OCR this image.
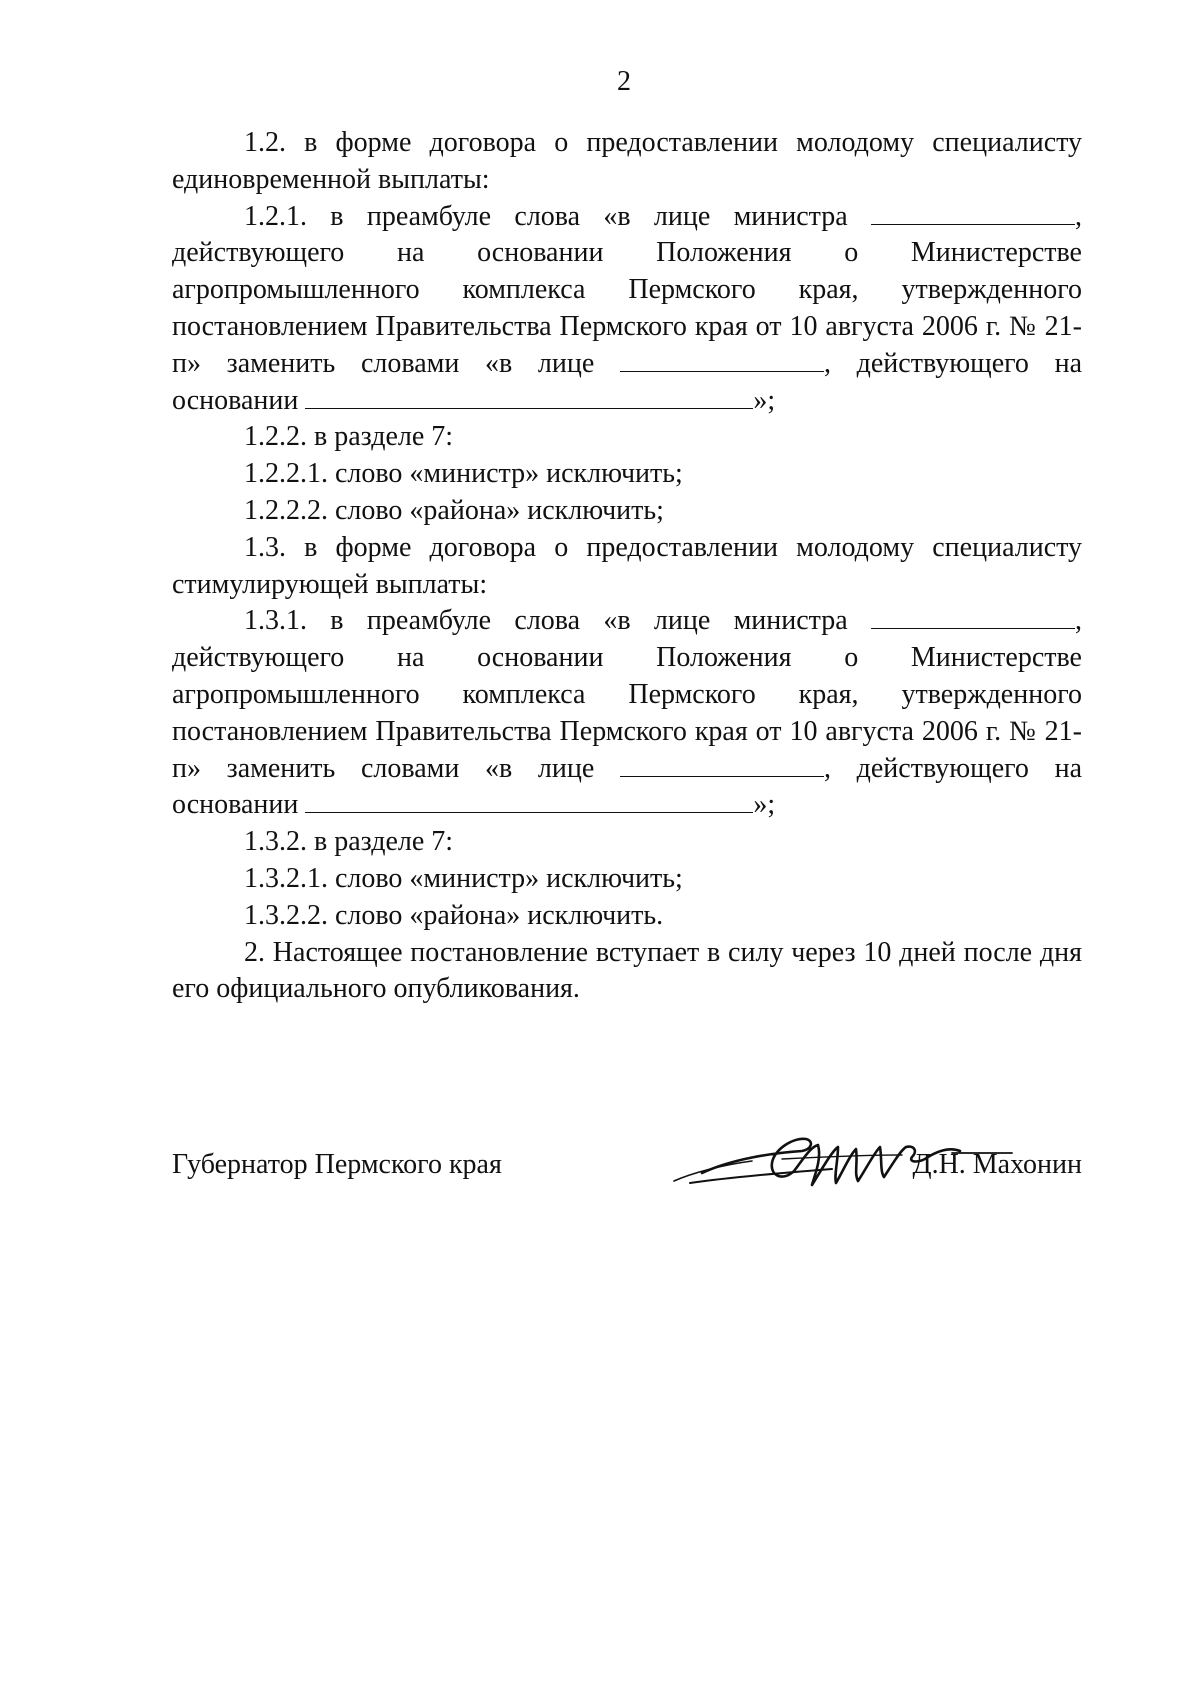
2

1.2. в форме договора о предоставлении молодому специалисту единовременной выплаты:

1.2.1. в преамбуле слова «в лице министра	, действующего на основании Положения о Министерстве агропромышленного комплекса Пермского края, утвержденного постановлением Правительства Пермского края от 10 августа 2006 г. № 21-п» заменить словами «в лице	, действующего на основании	»;

1.2.2. в разделе 7:

1.2.2.1. слово «министр» исключить;

1.2.2.2. слово «района» исключить;

1.3. в форме договора о предоставлении молодому специалисту стимулирующей выплаты:

1.3.1. в преамбуле слова «в лице министра	, действующего на основании Положения о Министерстве агропромышленного комплекса Пермского края, утвержденного постановлением Правительства Пермского края от 10 августа 2006 г. № 21-п» заменить словами «в лице	, действующего на основании	»;

1.3.2. в разделе 7:

1.3.2.1. слово «министр» исключить;

1.3.2.2. слово «района» исключить.

2. Настоящее постановление вступает в силу через 10 дней после дня его официального опубликования.

Губернатор Пермского края	Д.Н. Махонин
